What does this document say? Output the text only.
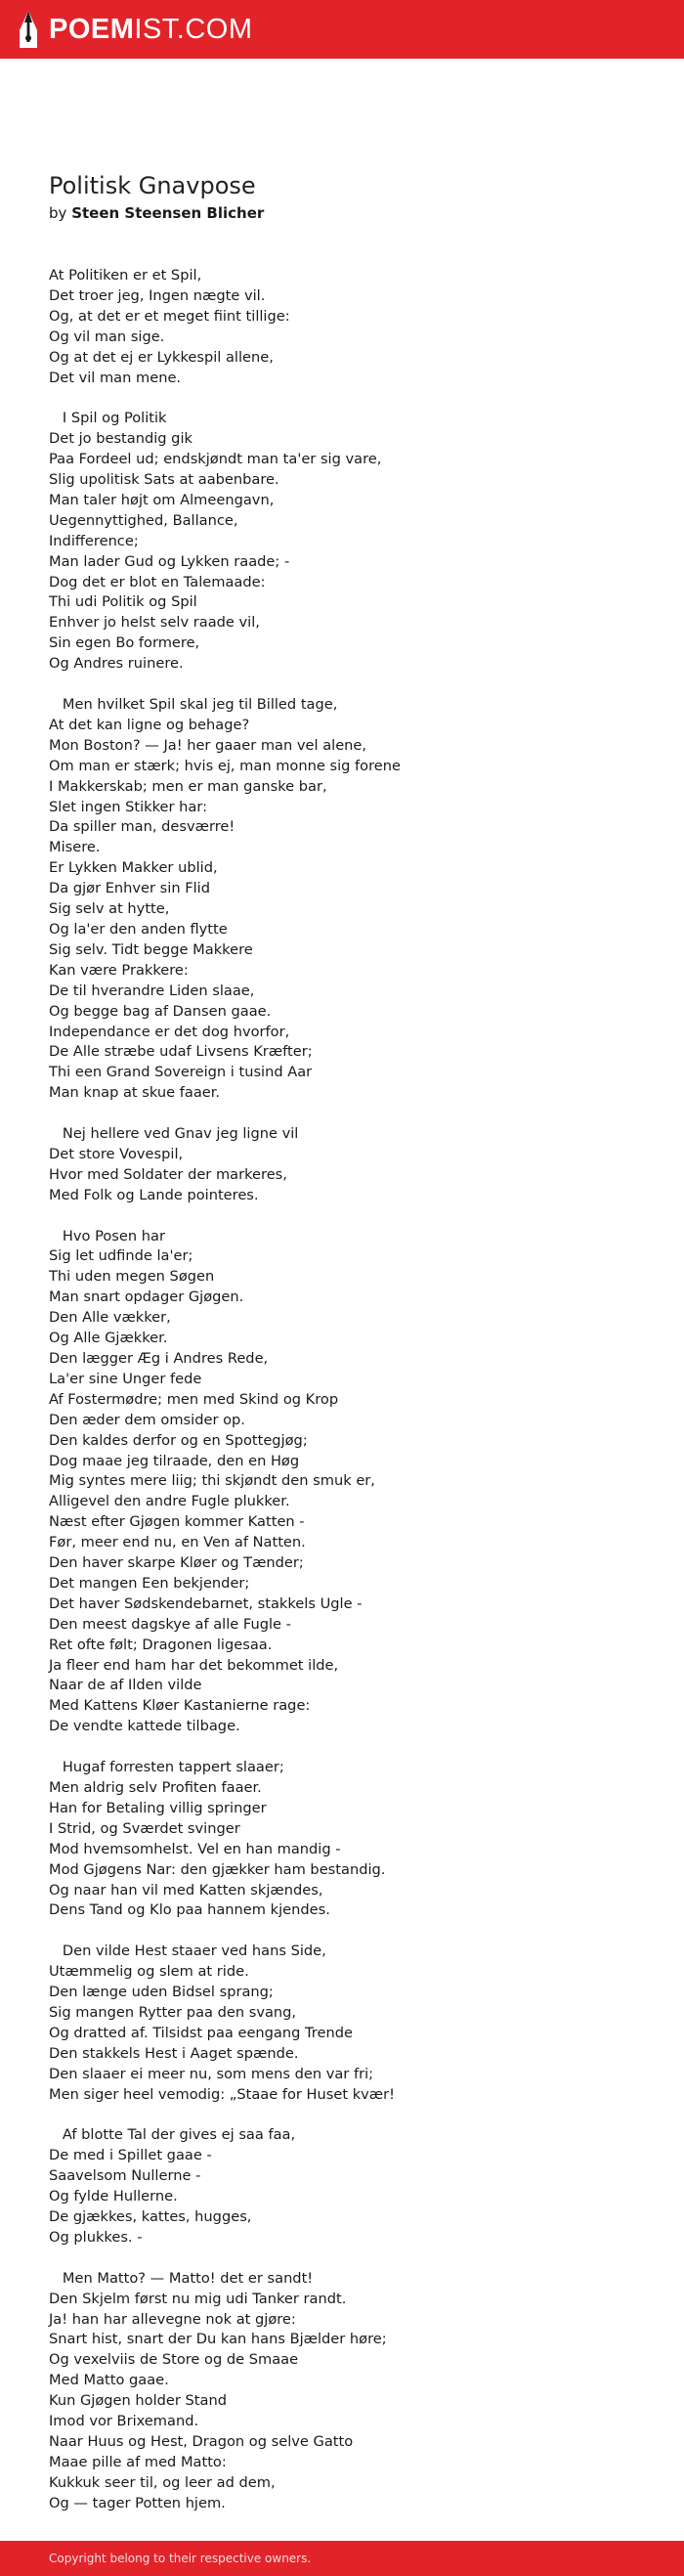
POEMIST.COM
Politisk Gnavpose
by Steen Steensen Blicher
At Politiken er et Spil,
Det troer jeg, Ingen nægte vil.
Og, at det er et meget fiint tillige:
Og vil man sige.
Og at det ej er Lykkespil allene,
Det vil man mene.
I Spil og Politik
Det jo bestandig gik
Paa Fordeel ud; endskjøndt man ta'er sig vare,
Slig upolitisk Sats at aabenbare.
Man taler højt om Almeengavn,
Uegennyttighed, Ballance,
Indifference;
Man lader Gud og Lykken raade; -
Dog det er blot en Talemaade:
Thi udi Politik og Spil
Enhver jo helst selv raade vil,
Sin egen Bo formere,
Og Andres ruinere.
Men hvilket Spil skal jeg til Billed tage,
At det kan ligne og behage?
Mon Boston? — Ja! her gaaer man vel alene,
Om man er stærk; hvis ej, man monne sig forene
I Makkerskab; men er man ganske bar,
Slet ingen Stikker har:
Da spiller man, desværre!
Misere.
Er Lykken Makker ublid,
Da gjør Enhver sin Flid
Sig selv at hytte,
Og la'er den anden flytte
Sig selv. Tidt begge Makkere
Kan være Prakkere:
De til hverandre Liden slaae,
Og begge bag af Dansen gaae.
Independance er det dog hvorfor,
De Alle stræbe udaf Livsens Kræfter;
Thi een Grand Sovereign i tusind Aar
Man knap at skue faaer.
Nej hellere ved Gnav jeg ligne vil
Det store Vovespil,
Hvor med Soldater der markeres,
Med Folk og Lande pointeres.
Hvo Posen har
Sig let udfinde la'er;
Thi uden megen Søgen
Man snart opdager Gjøgen.
Den Alle vækker,
Og Alle Gjækker.
Den lægger Æg i Andres Rede,
La'er sine Unger fede
Af Fostermødre; men med Skind og Krop
Den æder dem omsider op.
Den kaldes derfor og en Spottegjøg;
Dog maae jeg tilraade, den en Høg
Mig syntes mere liig; thi skjøndt den smuk er,
Alligevel den andre Fugle plukker.
Næst efter Gjøgen kommer Katten -
Før, meer end nu, en Ven af Natten.
Den haver skarpe Kløer og Tænder;
Det mangen Een bekjender;
Det haver Sødskendebarnet, stakkels Ugle -
Den meest dagskye af alle Fugle -
Ret ofte følt; Dragonen ligesaa.
Ja fleer end ham har det bekommet ilde,
Naar de af Ilden vilde
Med Kattens Kløer Kastanierne rage:
De vendte kattede tilbage.
Hugaf forresten tappert slaaer;
Men aldrig selv Profiten faaer.
Han for Betaling villig springer
I Strid, og Sværdet svinger
Mod hvemsomhelst. Vel en han mandig -
Mod Gjøgens Nar: den gjækker ham bestandig.
Og naar han vil med Katten skjændes,
Dens Tand og Klo paa hannem kjendes.
Den vilde Hest staaer ved hans Side,
Utæmmelig og slem at ride.
Den længe uden Bidsel sprang;
Sig mangen Rytter paa den svang,
Og dratted af. Tilsidst paa eengang Trende
Den stakkels Hest i Aaget spænde.
Den slaaer ei meer nu, som mens den var fri;
Men siger heel vemodig: „Staae for Huset kvær!
Af blotte Tal der gives ej saa faa,
De med i Spillet gaae -
Saavelsom Nullerne -
Og fylde Hullerne.
De gjækkes, kattes, hugges,
Og plukkes. -
Men Matto? — Matto! det er sandt!
Den Skjelm først nu mig udi Tanker randt.
Ja! han har allevegne nok at gjøre:
Snart hist, snart der Du kan hans Bjælder høre;
Og vexelviis de Store og de Smaae
Med Matto gaae.
Kun Gjøgen holder Stand
Imod vor Brixemand.
Naar Huus og Hest, Dragon og selve Gatto
Maae pille af med Matto:
Kukkuk seer til, og leer ad dem,
Og — tager Potten hjem.
Copyright belong to their respective owners.
